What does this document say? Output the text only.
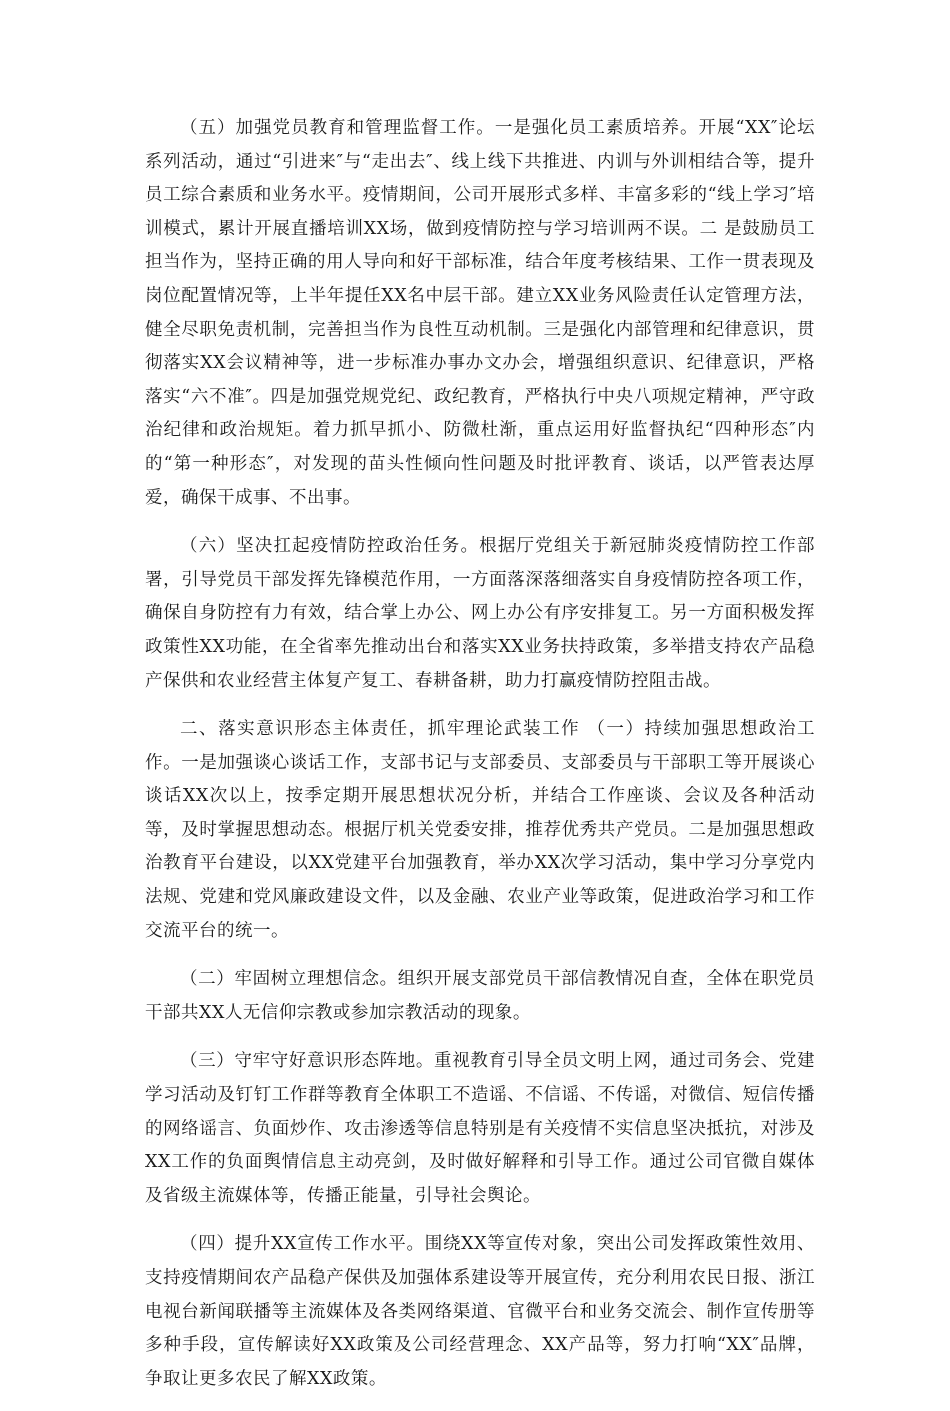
（五）加强党员教育和管理监督工作。一是强化员工素质培养。开展“XX″论坛系列活动，通过“引进来″与“走出去″、线上线下共推进、内训与外训相结合等，提升员工综合素质和业务水平。疫情期间，公司开展形式多样、丰富多彩的“线上学习″培训模式，累计开展直播培训XX场，做到疫情防控与学习培训两不误。二 是鼓励员工担当作为，坚持正确的用人导向和好干部标准，结合年度考核结果、工作一贯表现及岗位配置情况等，上半年提任XX名中层干部。建立XX业务风险责任认定管理方法，健全尽职免责机制，完善担当作为良性互动机制。三是强化内部管理和纪律意识，贯彻落实XX会议精神等，进一步标准办事办文办会，增强组织意识、纪律意识，严格落实“六不准″。四是加强党规党纪、政纪教育，严格执行中央八项规定精神，严守政治纪律和政治规矩。着力抓早抓小、防微杜渐，重点运用好监督执纪“四种形态″内的“第一种形态″，对发现的苗头性倾向性问题及时批评教育、谈话，以严管表达厚爱，确保干成事、不出事。

（六）坚决扛起疫情防控政治任务。根据厅党组关于新冠肺炎疫情防控工作部署，引导党员干部发挥先锋模范作用，一方面落深落细落实自身疫情防控各项工作，确保自身防控有力有效，结合掌上办公、网上办公有序安排复工。另一方面积极发挥政策性XX功能，在全省率先推动出台和落实XX业务扶持政策，多举措支持农产品稳产保供和农业经营主体复产复工、春耕备耕，助力打赢疫情防控阻击战。

二、落实意识形态主体责任，抓牢理论武装工作 （一）持续加强思想政治工作。一是加强谈心谈话工作，支部书记与支部委员、支部委员与干部职工等开展谈心谈话XX次以上，按季定期开展思想状况分析，并结合工作座谈、会议及各种活动等，及时掌握思想动态。根据厅机关党委安排，推荐优秀共产党员。二是加强思想政治教育平台建设，以XX党建平台加强教育，举办XX次学习活动，集中学习分享党内法规、党建和党风廉政建设文件，以及金融、农业产业等政策，促进政治学习和工作交流平台的统一。

（二）牢固树立理想信念。组织开展支部党员干部信教情况自查，全体在职党员干部共XX人无信仰宗教或参加宗教活动的现象。

（三）守牢守好意识形态阵地。重视教育引导全员文明上网，通过司务会、党建学习活动及钉钉工作群等教育全体职工不造谣、不信谣、不传谣，对微信、短信传播的网络谣言、负面炒作、攻击渗透等信息特别是有关疫情不实信息坚决抵抗，对涉及XX工作的负面舆情信息主动亮剑，及时做好解释和引导工作。通过公司官微自媒体及省级主流媒体等，传播正能量，引导社会舆论。

（四）提升XX宣传工作水平。围绕XX等宣传对象，突出公司发挥政策性效用、支持疫情期间农产品稳产保供及加强体系建设等开展宣传，充分利用农民日报、浙江电视台新闻联播等主流媒体及各类网络渠道、官微平台和业务交流会、制作宣传册等多种手段，宣传解读好XX政策及公司经营理念、XX产品等，努力打响“XX″品牌，争取让更多农民了解XX政策。
